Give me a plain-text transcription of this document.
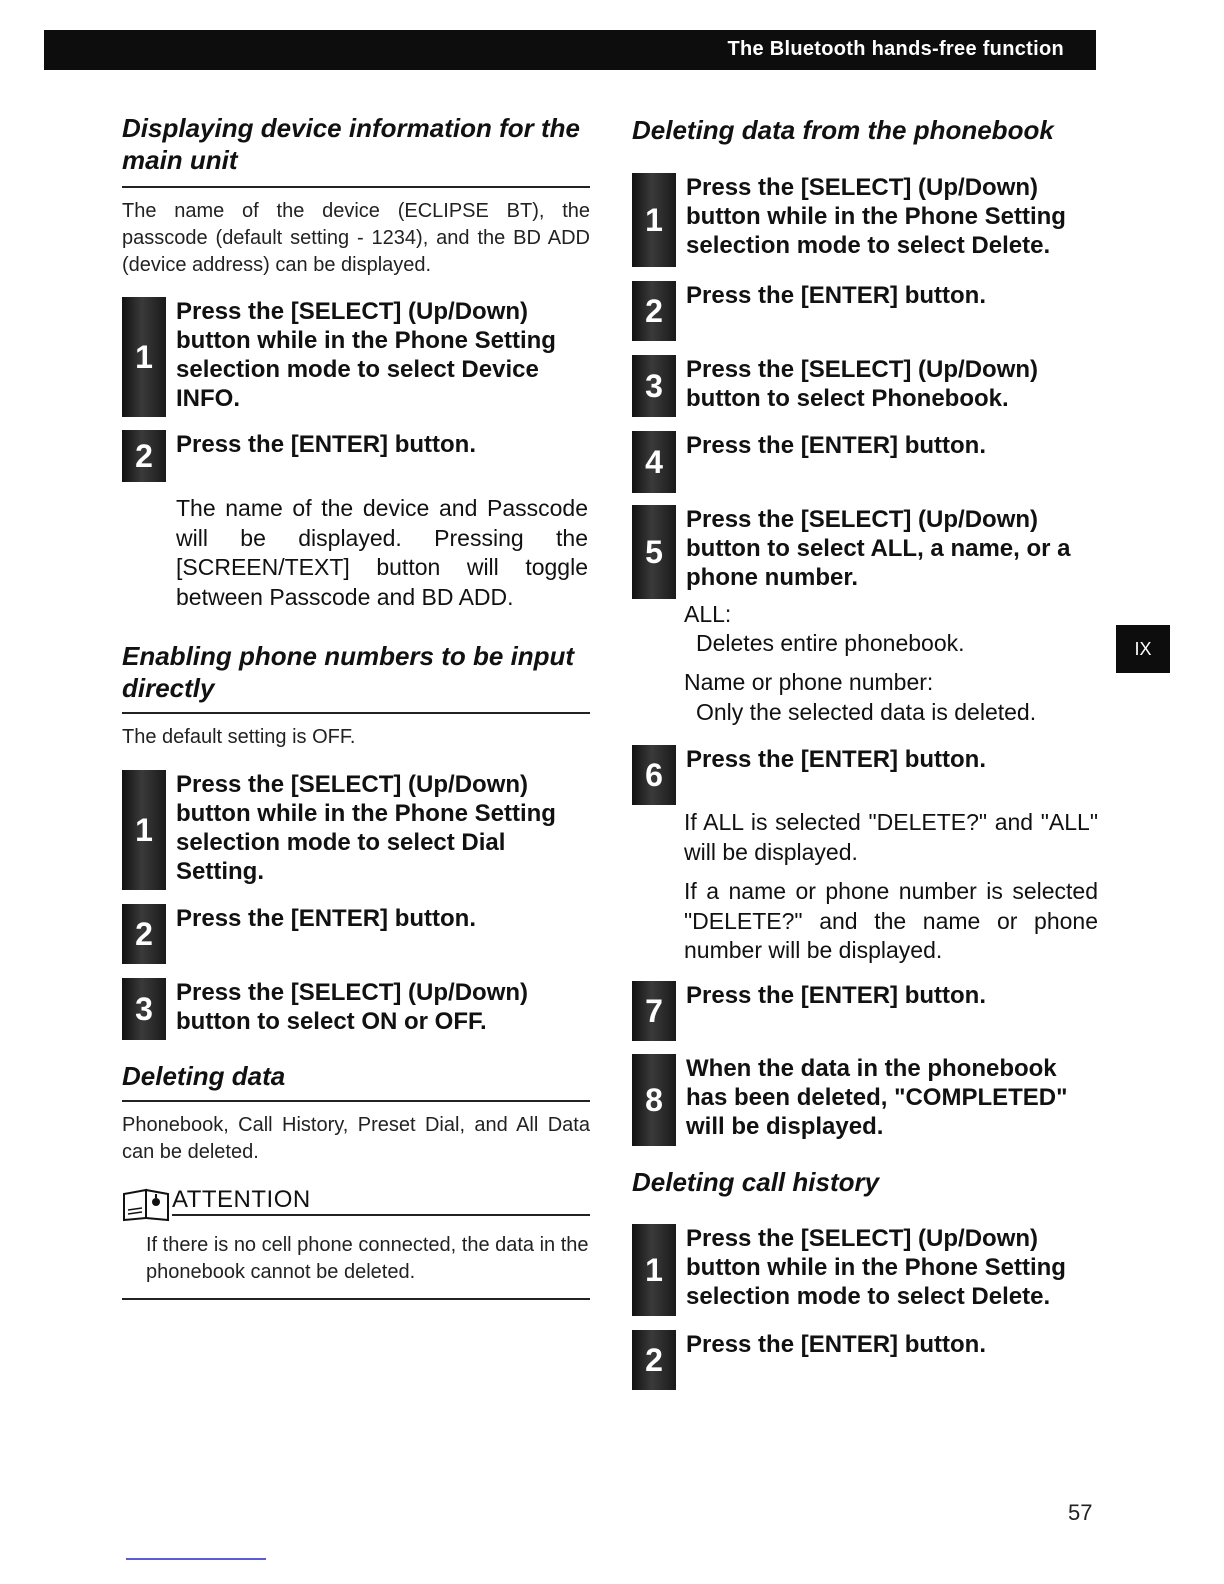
The Bluetooth hands-free function
Displaying device information for the main unit
The name of the device (ECLIPSE BT), the passcode (default setting - 1234), and the BD ADD (device address) can be displayed.
1
Press the [SELECT] (Up/Down) button while in the Phone Setting selection mode to select Device INFO.
2 Press the [ENTER] button.
The name of the device and Passcode will be displayed. Pressing the [SCREEN/TEXT] button will toggle between Passcode and BD ADD.
Enabling phone numbers to be input directly
The default setting is OFF.
1
Press the [SELECT] (Up/Down) button while in the Phone Setting selection mode to select Dial Setting.
2 Press the [ENTER] button.
3 Press the [SELECT] (Up/Down) button to select ON or OFF.
Deleting data
Phonebook, Call History, Preset Dial, and All Data can be deleted.
ATTENTION
If there is no cell phone connected, the data in the phonebook cannot be deleted.
Deleting data from the phonebook
1
Press the [SELECT] (Up/Down) button while in the Phone Setting selection mode to select Delete.
2 Press the [ENTER] button.
3 Press the [SELECT] (Up/Down) button to select Phonebook.
4 Press the [ENTER] button.
5
Press the [SELECT] (Up/Down) button to select ALL, a name, or a phone number.
ALL:
Deletes entire phonebook.
Name or phone number:
Only the selected data is deleted.
6 Press the [ENTER] button.
If ALL is selected "DELETE?" and "ALL" will be displayed.
If a name or phone number is selected "DELETE?" and the name or phone number will be displayed.
7 Press the [ENTER] button.
8
When the data in the phonebook has been deleted, "COMPLETED" will be displayed.
Deleting call history
1
Press the [SELECT] (Up/Down) button while in the Phone Setting selection mode to select Delete.
2 Press the [ENTER] button.
IX
57
